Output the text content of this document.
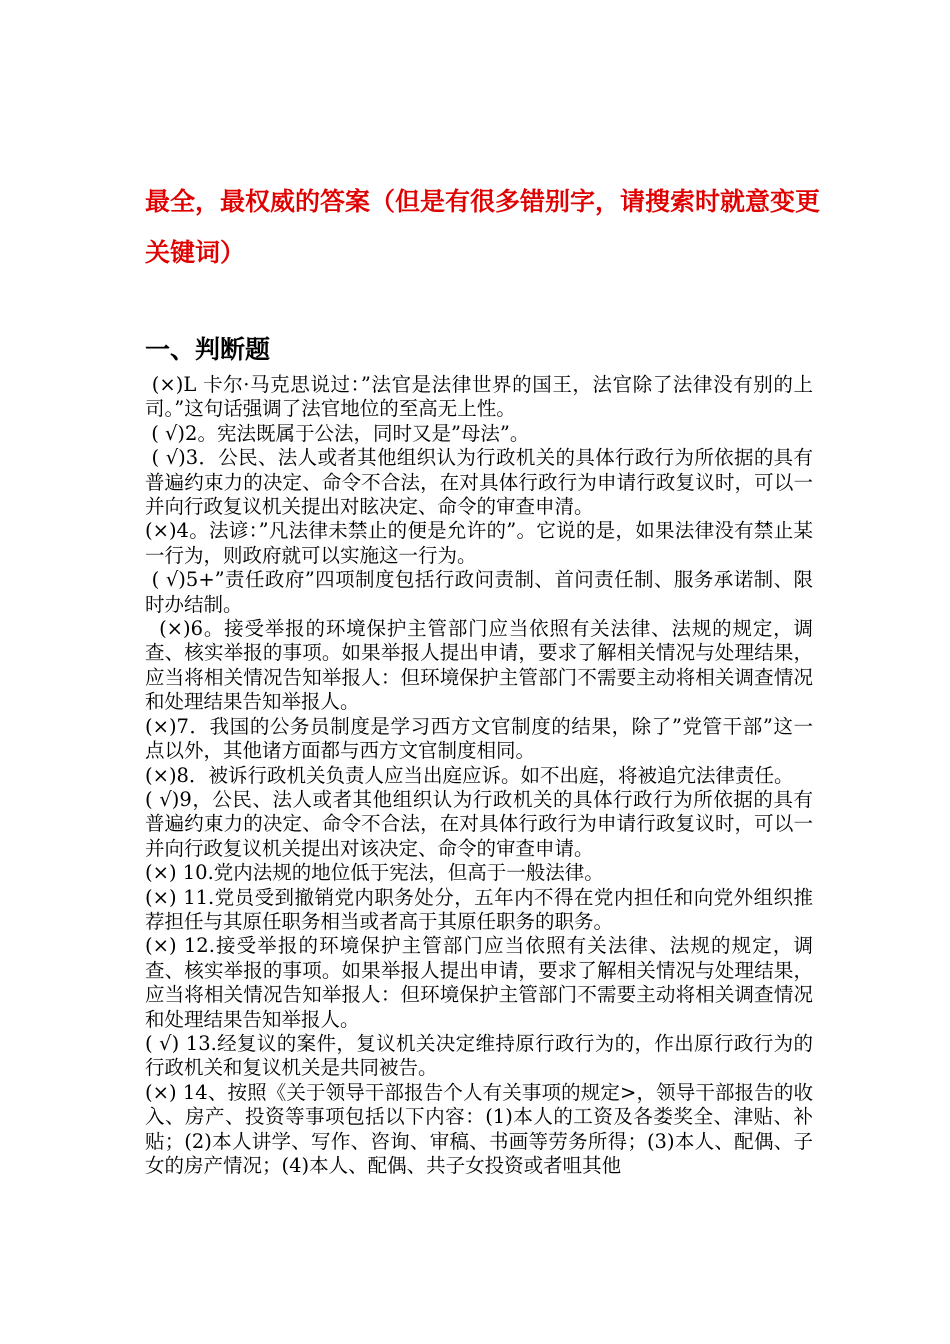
最全，最权威的答案（但是有很多错别字，请搜索时就意变更关键词）
一、判断题
(×)L 卡尔·马克思说过：”法官是法律世界的国王，法官除了法律没有别的上司。”这句话强调了法官地位的至高无上性。
( √)2。宪法既属于公法，同时又是”母法”。
( √)3．公民、法人或者其他组织认为行政机关的具体行政行为所依据的具有普遍约束力的决定、命令不合法，在对具体行政行为申请行政复议时，可以一并向行政复议机关提出对眩决定、命令的审查申清。
(×)4。法谚：”凡法律未禁止的便是允许的”。它说的是，如果法律没有禁止某一行为，则政府就可以实施这一行为。
( √)5+”责任政府”四项制度包括行政问责制、首问责任制、服务承诺制、限时办结制。
(×)6。接受举报的环境保护主管部门应当依照有关法律、法规的规定，调查、核实举报的事项。如果举报人提出申请，要求了解相关情况与处理结果，应当将相关情况告知举报人：但环境保护主管部门不需要主动将相关调查情况和处理结果告知举报人。
(×)7．我国的公务员制度是学习西方文官制度的结果，除了”党管干部”这一点以外，其他诸方面都与西方文官制度相同。
(×)8．被诉行政机关负责人应当出庭应诉。如不出庭，将被追宂法律责任。
( √)9，公民、法人或者其他组织认为行政机关的具体行政行为所依据的具有普遍约東力的决定、命令不合法，在对具体行政行为申请行政复议时，可以一并向行政复议机关提出对该决定、命令的审查申请。
(×) 10.党内法规的地位低于宪法，但高于一般法律。
(×) 11.党员受到撤销党内职务处分，五年内不得在党内担任和向党外组织推荐担任与其原任职务相当或者高于其原任职务的职务。
(×) 12.接受举报的环境保护主管部门应当依照有关法律、法规的规定，调查、核实举报的事项。如果举报人提出申请，要求了解相关情况与处理结果，应当将相关情况告知举报人：但环境保护主管部门不需要主动将相关调查情况和处理结果告知举报人。
( √) 13.经复议的案件，复议机关决定维持原行政行为的，作出原行政行为的行政机关和复议机关是共同被告。
(×) 14、按照《关于领导干部报告个人有关事项的规定>，领导干部报告的收入、房产、投资等事项包括以下内容：(1)本人的工资及各娄奖全、津贴、补贴；(2)本人讲学、写作、咨询、审稿、书画等劳务所得；(3)本人、配偶、子女的房产情况；(4)本人、配偶、共子女投资或者咀其他
